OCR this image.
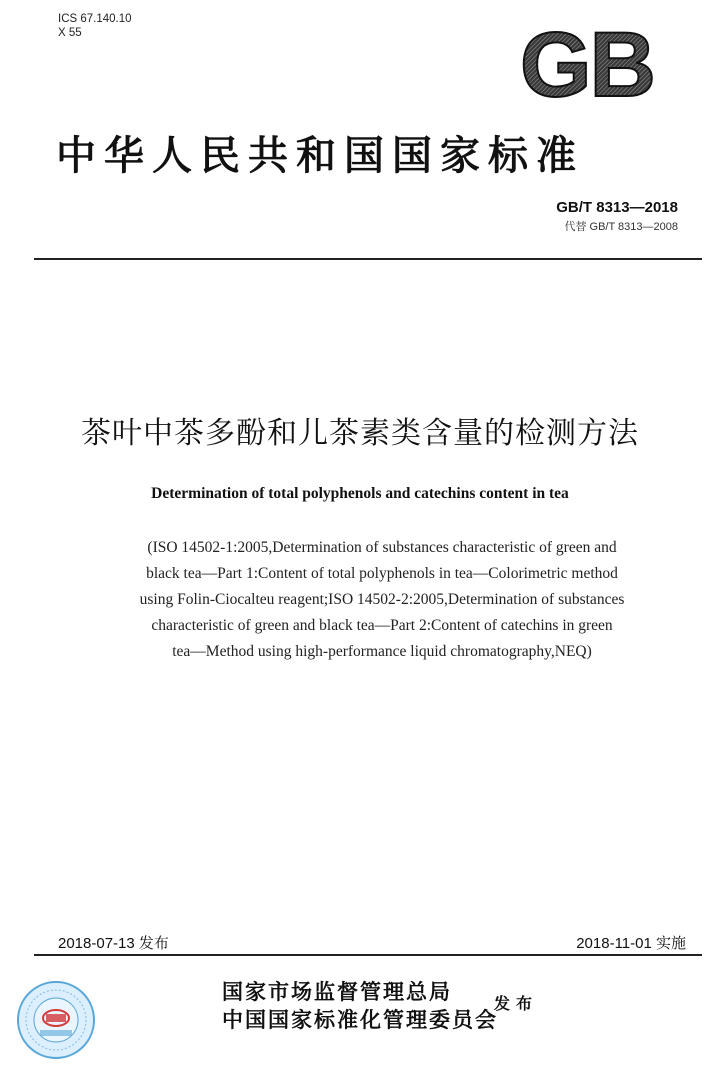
ICS 67.140.10
X 55	GB
中华人民共和国国家标准
GB/T 8313—2018
代替 GB/T 8313—2008
茶叶中茶多酚和儿茶素类含量的检测方法
Determination of total polyphenols and catechins content in tea
(ISO 14502-1:2005,Determination of substances characteristic of green and
black tea—Part 1:Content of total polyphenols in tea—Colorimetric method
using Folin-Ciocalteu reagent;ISO 14502-2:2005,Determination of substances
characteristic of green and black tea—Part 2:Content of catechins in green
tea—Method using high-performance liquid chromatography,NEQ)
2018-07-13 发布	2018-11-01 实施
国家市场监督管理总局
中国国家标准化管理委员会
发布
